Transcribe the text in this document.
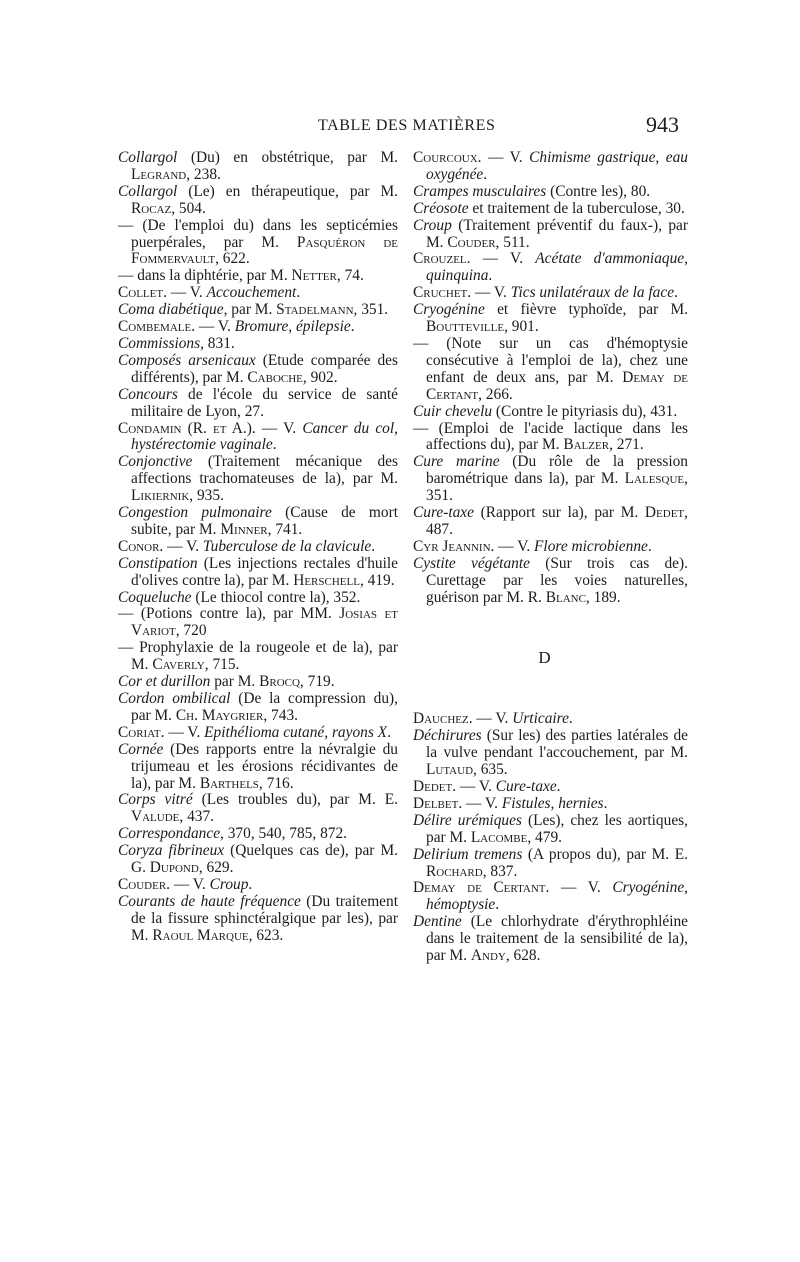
TABLE DES MATIÈRES	943
Collargol (Du) en obstétrique, par M. Legrand, 238.
Collargol (Le) en thérapeutique, par M. Rocaz, 504.
— (De l'emploi du) dans les septicémies puerpérales, par M. Pasquéron de Fommervault, 622.
— dans la diphtérie, par M. Netter, 74.
Collet. — V. Accouchement.
Coma diabétique, par M. Stadelmann, 351.
Combemale. — V. Bromure, épilepsie.
Commissions, 831.
Composés arsenicaux (Etude comparée des différents), par M. Caboche, 902.
Concours de l'école du service de santé militaire de Lyon, 27.
Condamin (R. et A.). — V. Cancer du col, hystérectomie vaginale.
Conjonctive (Traitement mécanique des affections trachomateuses de la), par M. Likiernik, 935.
Congestion pulmonaire (Cause de mort subite, par M. Minner, 741.
Conor. — V. Tuberculose de la clavicule.
Constipation (Les injections rectales d'huile d'olives contre la), par M. Herschell, 419.
Coqueluche (Le thiocol contre la), 352.
— (Potions contre la), par MM. Josias et Variot, 720
— Prophylaxie de la rougeole et de la), par M. Caverly, 715.
Cor et durillon par M. Brocq, 719.
Cordon ombilical (De la compression du), par M. Ch. Maygrier, 743.
Coriat. — V. Epithélioma cutané, rayons X.
Cornée (Des rapports entre la névralgie du trijumeau et les érosions récidivantes de la), par M. Barthels, 716.
Corps vitré (Les troubles du), par M. E. Valude, 437.
Correspondance, 370, 540, 785, 872.
Coryza fibrineux (Quelques cas de), par M. G. Dupond, 629.
Couder. — V. Croup.
Courants de haute fréquence (Du traitement de la fissure sphinctéralgique par les), par M. Raoul Marque, 623.
Courcoux. — V. Chimisme gastrique, eau oxygénée.
Crampes musculaires (Contre les), 80.
Créosote et traitement de la tuberculose, 30.
Croup (Traitement préventif du faux-), par M. Couder, 511.
Crouzel. — V. Acétate d'ammoniaque, quinquina.
Cruchet. — V. Tics unilatéraux de la face.
Cryogénine et fièvre typhoïde, par M. Boutteville, 901.
— (Note sur un cas d'hémoptysie consécutive à l'emploi de la), chez une enfant de deux ans, par M. Demay de Certant, 266.
Cuir chevelu (Contre le pityriasis du), 431.
— (Emploi de l'acide lactique dans les affections du), par M. Balzer, 271.
Cure marine (Du rôle de la pression barométrique dans la), par M. Lalesque, 351.
Cure-taxe (Rapport sur la), par M. Dedet, 487.
Cyr Jeannin. — V. Flore microbienne.
Cystite végétante (Sur trois cas de). Curettage par les voies naturelles, guérison par M. R. Blanc, 189.
D
Dauchez. — V. Urticaire.
Déchirures (Sur les) des parties latérales de la vulve pendant l'accouchement, par M. Lutaud, 635.
Dedet. — V. Cure-taxe.
Delbet. — V. Fistules, hernies.
Délire urémiques (Les), chez les aortiques, par M. Lacombe, 479.
Delirium tremens (A propos du), par M. E. Rochard, 837.
Demay de Certant. — V. Cryogénine, hémoptysie.
Dentine (Le chlorhydrate d'érythrophléine dans le traitement de la sensibilité de la), par M. Andy, 628.
